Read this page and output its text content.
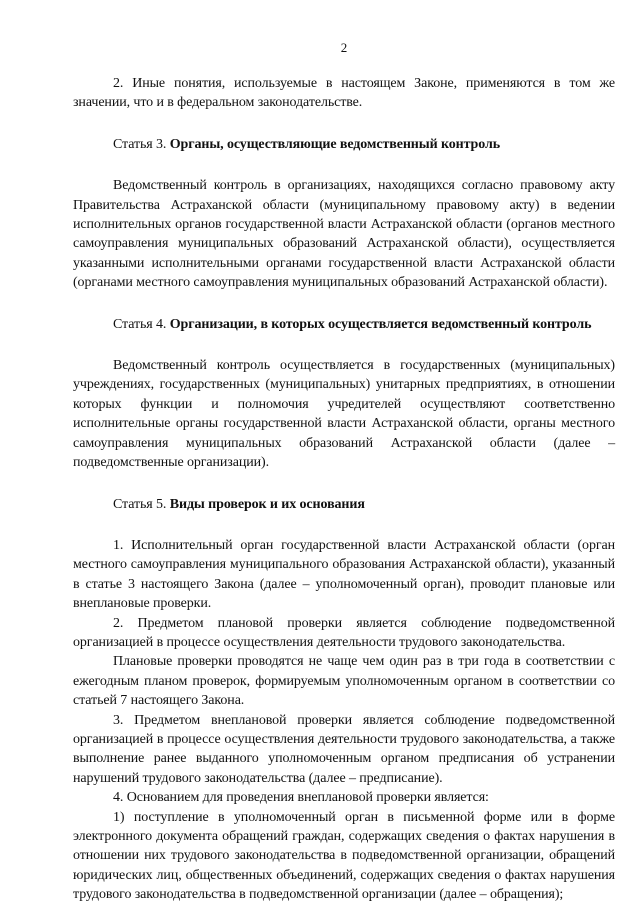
2

2. Иные понятия, используемые в настоящем Законе, применяются в том же значении, что и в федеральном законодательстве.

Статья 3. Органы, осуществляющие ведомственный контроль

Ведомственный контроль в организациях, находящихся согласно правовому акту Правительства Астраханской области (муниципальному правовому акту) в ведении исполнительных органов государственной власти Астраханской области (органов местного самоуправления муниципальных образований Астраханской области), осуществляется указанными исполнительными органами государственной власти Астраханской области (органами местного самоуправления муниципальных образований Астраханской области).

Статья 4. Организации, в которых осуществляется ведомственный контроль

Ведомственный контроль осуществляется в государственных (муниципальных) учреждениях, государственных (муниципальных) унитарных предприятиях, в отношении которых функции и полномочия учредителей осуществляют соответственно исполнительные органы государственной власти Астраханской области, органы местного самоуправления муниципальных образований Астраханской области (далее – подведомственные организации).

Статья 5. Виды проверок и их основания

1. Исполнительный орган государственной власти Астраханской области (орган местного самоуправления муниципального образования Астраханской области), указанный в статье 3 настоящего Закона (далее – уполномоченный орган), проводит плановые или внеплановые проверки.

2. Предметом плановой проверки является соблюдение подведомственной организацией в процессе осуществления деятельности трудового законодательства.

Плановые проверки проводятся не чаще чем один раз в три года в соответствии с ежегодным планом проверок, формируемым уполномоченным органом в соответствии со статьей 7 настоящего Закона.

3. Предметом внеплановой проверки является соблюдение подведомственной организацией в процессе осуществления деятельности трудового законодательства, а также выполнение ранее выданного уполномоченным органом предписания об устранении нарушений трудового законодательства (далее – предписание).

4. Основанием для проведения внеплановой проверки является:

1) поступление в уполномоченный орган в письменной форме или в форме электронного документа обращений граждан, содержащих сведения о фактах нарушения в отношении них трудового законодательства в подведомственной организации, обращений юридических лиц, общественных объединений, содержащих сведения о фактах нарушения трудового законодательства в подведомственной организации (далее – обращения);
